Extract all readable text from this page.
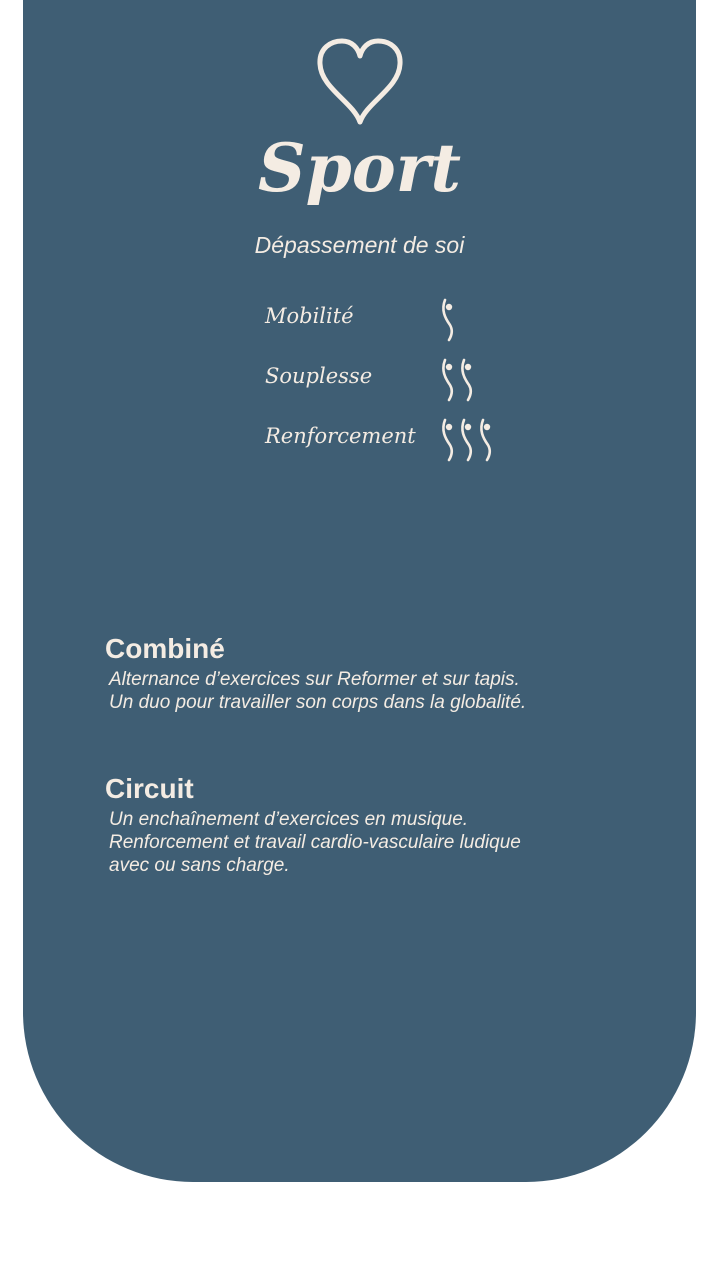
Sport

Dépassement de soi

Mobilité
Souplesse
Renforcement
Combiné

Alternance d’exercices sur Reformer et sur tapis.
Un duo pour travailler son corps dans la globalité.

Circuit

Un enchaînement d’exercices en musique.
Renforcement et travail cardio-vasculaire ludique
avec ou sans charge.
